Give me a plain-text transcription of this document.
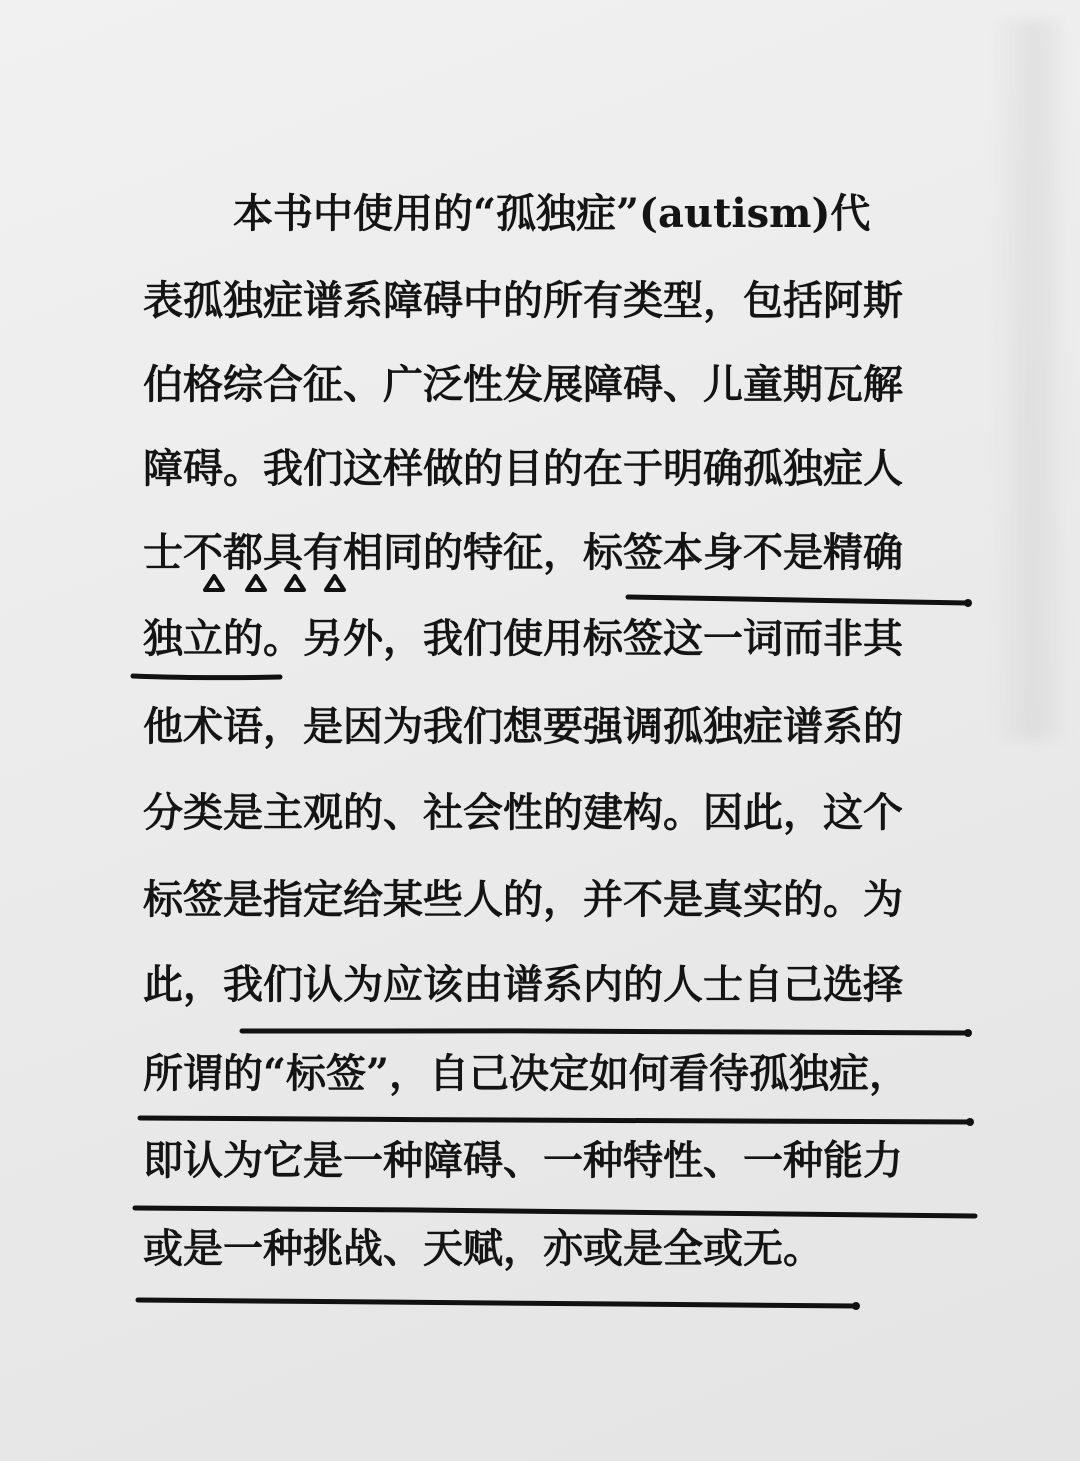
本书中使用的“孤独症”(autism)代
表孤独症谱系障碍中的所有类型，包括阿斯
伯格综合征、广泛性发展障碍、儿童期瓦解
障碍。我们这样做的目的在于明确孤独症人
士不都具有相同的特征，标签本身不是精确
独立的。另外，我们使用标签这一词而非其
他术语，是因为我们想要强调孤独症谱系的
分类是主观的、社会性的建构。因此，这个
标签是指定给某些人的，并不是真实的。为
此，我们认为应该由谱系内的人士自己选择
所谓的“标签”，自己决定如何看待孤独症，
即认为它是一种障碍、一种特性、一种能力
或是一种挑战、天赋，亦或是全或无。
